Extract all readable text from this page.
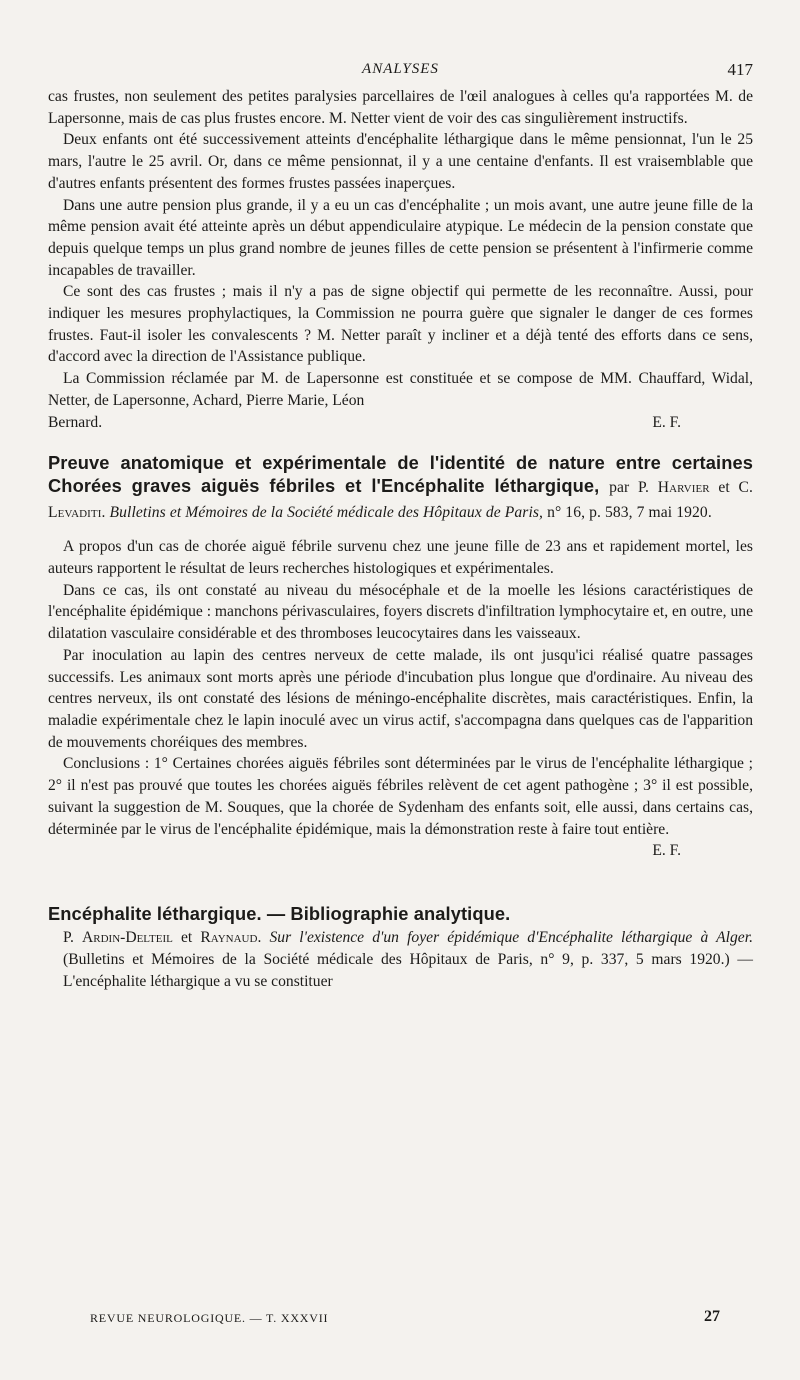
ANALYSES	417

cas frustes, non seulement des petites paralysies parcellaires de l'œil analogues à celles qu'a rapportées M. de Lapersonne, mais de cas plus frustes encore. M. Netter vient de voir des cas singulièrement instructifs.

Deux enfants ont été successivement atteints d'encéphalite léthargique dans le même pensionnat, l'un le 25 mars, l'autre le 25 avril. Or, dans ce même pensionnat, il y a une centaine d'enfants. Il est vraisemblable que d'autres enfants présentent des formes frustes passées inaperçues.

Dans une autre pension plus grande, il y a eu un cas d'encéphalite ; un mois avant, une autre jeune fille de la même pension avait été atteinte après un début appendiculaire atypique. Le médecin de la pension constate que depuis quelque temps un plus grand nombre de jeunes filles de cette pension se présentent à l'infirmerie comme incapables de travailler.

Ce sont des cas frustes ; mais il n'y a pas de signe objectif qui permette de les reconnaître. Aussi, pour indiquer les mesures prophylactiques, la Commission ne pourra guère que signaler le danger de ces formes frustes. Faut-il isoler les convalescents ? M. Netter paraît y incliner et a déjà tenté des efforts dans ce sens, d'accord avec la direction de l'Assistance publique.

La Commission réclamée par M. de Lapersonne est constituée et se compose de MM. Chauffard, Widal, Netter, de Lapersonne, Achard, Pierre Marie, Léon

Bernard.	E. F.

Preuve anatomique et expérimentale de l'identité de nature entre certaines Chorées graves aiguës fébriles et l'Encéphalite léthargique, par P. Harvier et C. Levaditi. Bulletins et Mémoires de la Société médicale des Hôpitaux de Paris, n° 16, p. 583, 7 mai 1920.

A propos d'un cas de chorée aiguë fébrile survenu chez une jeune fille de 23 ans et rapidement mortel, les auteurs rapportent le résultat de leurs recherches histologiques et expérimentales.

Dans ce cas, ils ont constaté au niveau du mésocéphale et de la moelle les lésions caractéristiques de l'encéphalite épidémique : manchons périvasculaires, foyers discrets d'infiltration lymphocytaire et, en outre, une dilatation vasculaire considérable et des thromboses leucocytaires dans les vaisseaux.

Par inoculation au lapin des centres nerveux de cette malade, ils ont jusqu'ici réalisé quatre passages successifs. Les animaux sont morts après une période d'incubation plus longue que d'ordinaire. Au niveau des centres nerveux, ils ont constaté des lésions de méningo-encéphalite discrètes, mais caractéristiques. Enfin, la maladie expérimentale chez le lapin inoculé avec un virus actif, s'accompagna dans quelques cas de l'apparition de mouvements choréiques des membres.

Conclusions : 1° Certaines chorées aiguës fébriles sont déterminées par le virus de l'encéphalite léthargique ; 2° il n'est pas prouvé que toutes les chorées aiguës fébriles relèvent de cet agent pathogène ; 3° il est possible, suivant la suggestion de M. Souques, que la chorée de Sydenham des enfants soit, elle aussi, dans certains cas, déterminée par le virus de l'encéphalite épidémique, mais la démonstration reste à faire tout entière.

E. F.

Encéphalite léthargique. — Bibliographie analytique.
P. Ardin-Delteil et Raynaud. Sur l'existence d'un foyer épidémique d'Encéphalite léthargique à Alger. (Bulletins et Mémoires de la Société médicale des Hôpitaux de Paris, n° 9, p. 337, 5 mars 1920.) — L'encéphalite léthargique a vu se constituer
REVUE NEUROLOGIQUE. — T. XXXVII	27
